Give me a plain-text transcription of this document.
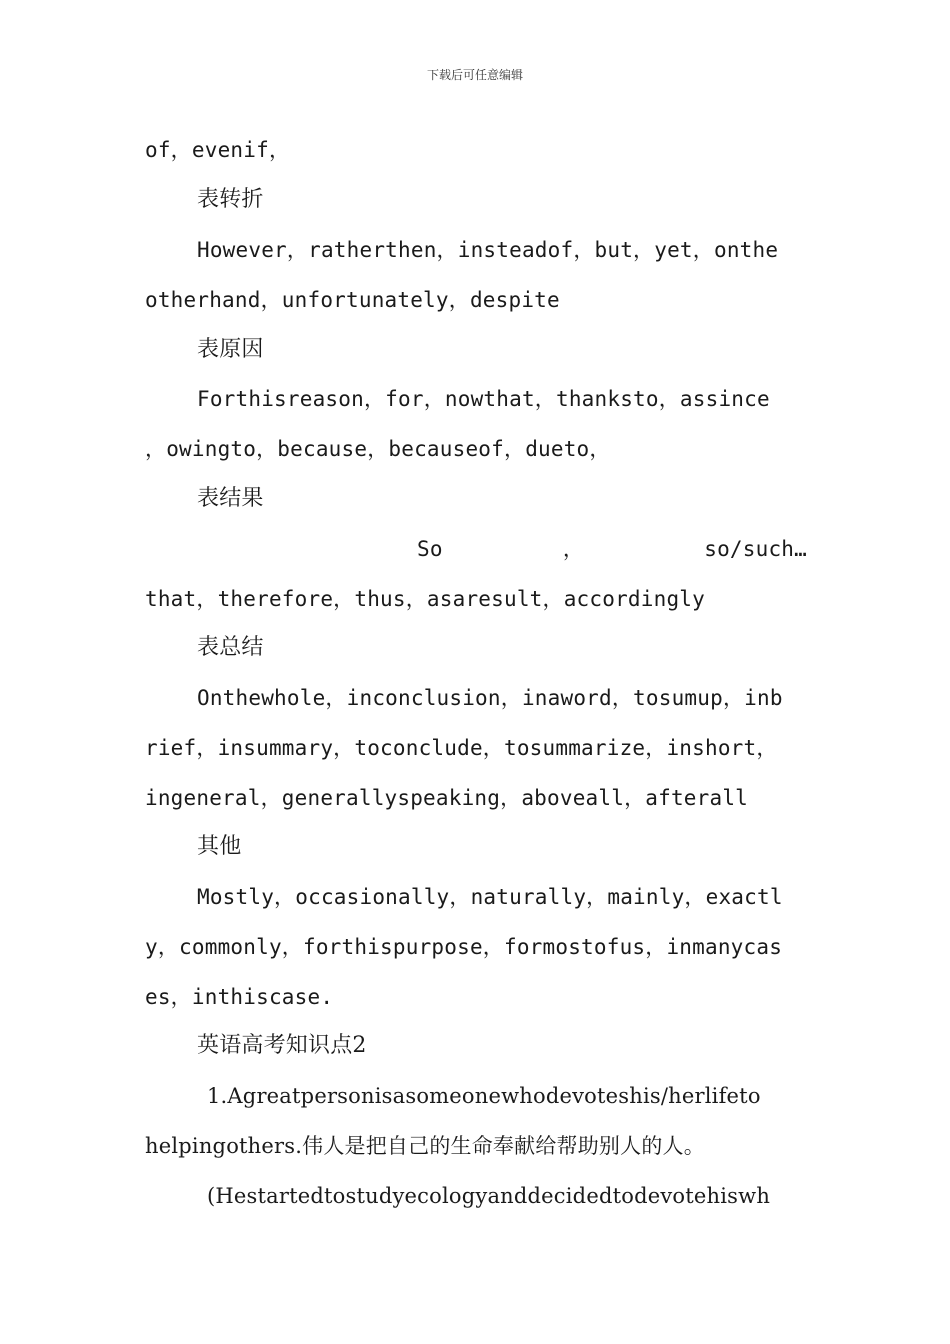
下载后可任意编辑
of，evenif，
表转折
However，ratherthen，insteadof，but，yet，onthe
otherhand，unfortunately，despite
表原因
Forthisreason，for，nowthat，thanksto，assince
，owingto，because，becauseof，dueto，
表结果
So	，	so/such…
that，therefore，thus，asaresult，accordingly
表总结
Onthewhole，inconclusion，inaword，tosumup，inb
rief，insummary，toconclude，tosummarize，inshort，
ingeneral，generallyspeaking，aboveall，afterall
其他
Mostly，occasionally，naturally，mainly，exactl
y，commonly，forthispurpose，formostofus，inmanycas
es，inthiscase.
英语高考知识点2
1.Agreatpersonisasomeonewhodevoteshis/herlifeto
helpingothers.伟人是把自己的生命奉献给帮助别人的人。
(Hestartedtostudyecologyanddecidedtodevotehiswh
